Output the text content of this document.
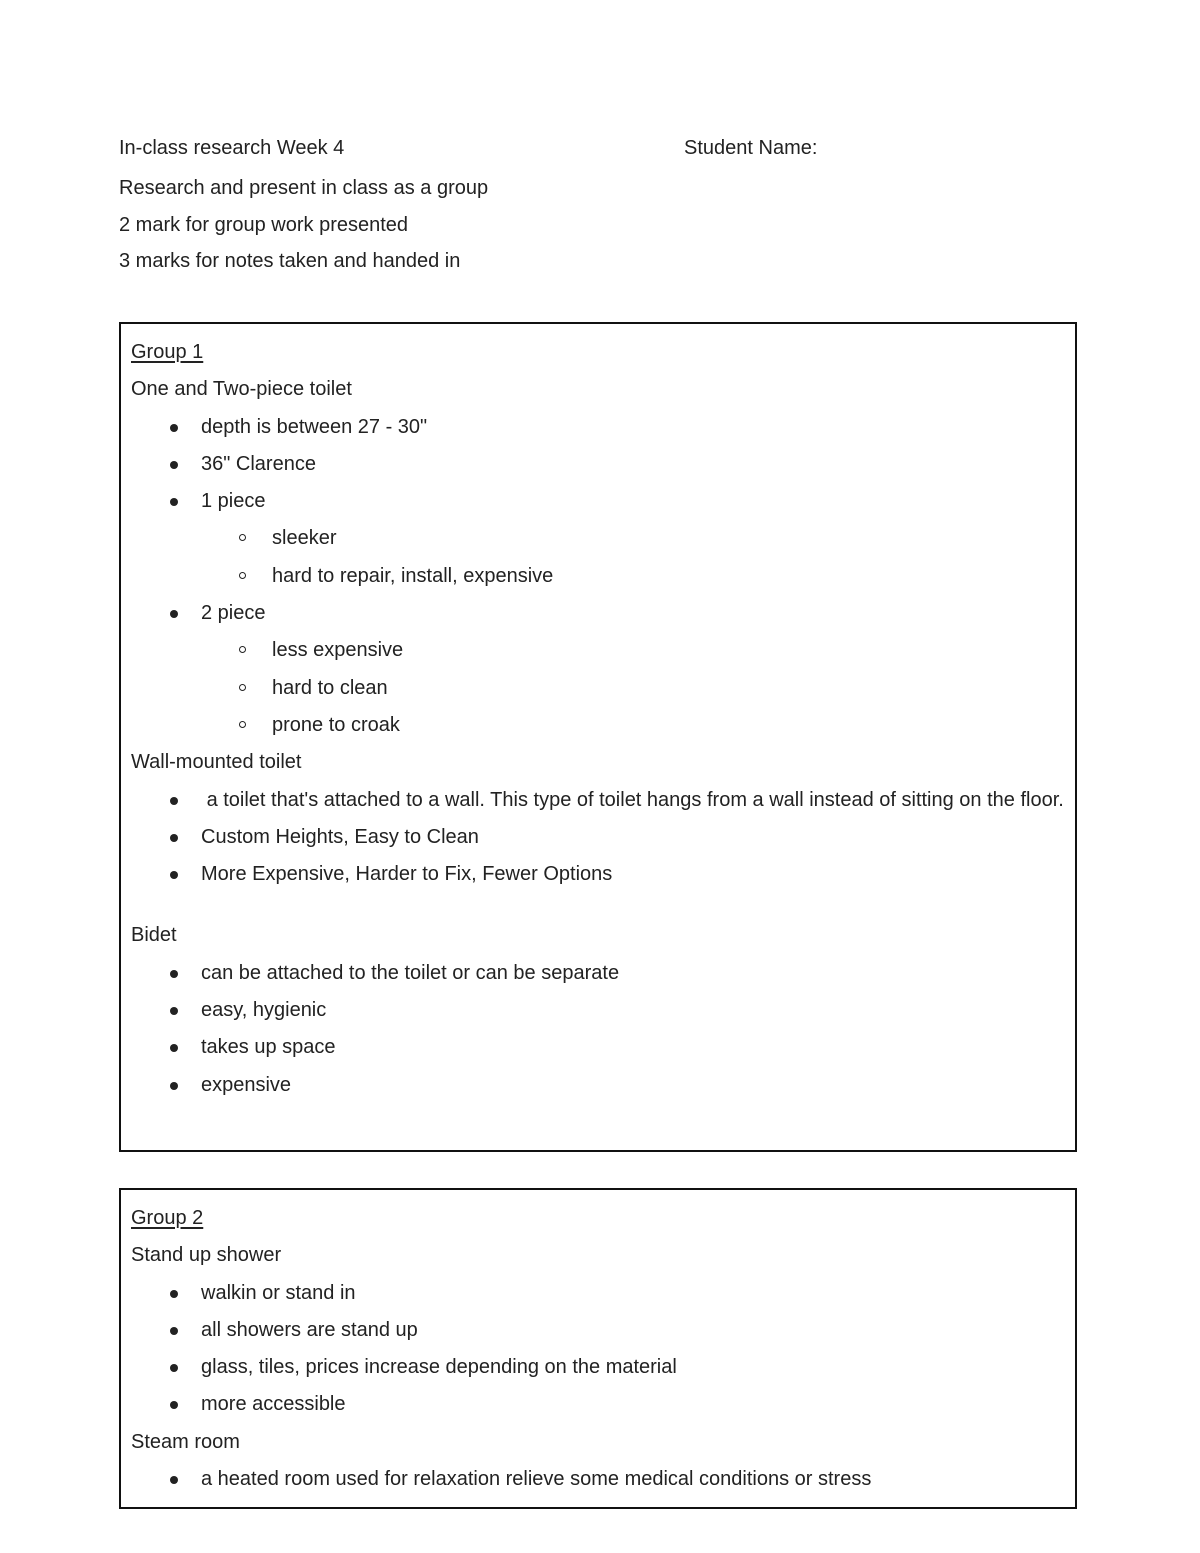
In-class research Week 4	Student Name:
Research and present in class as a group
2 mark for group work presented
3 marks for notes taken and handed in
Group 1
One and Two-piece toilet
depth is between 27 - 30"
36" Clarence
1 piece
sleeker
hard to repair, install, expensive
2 piece
less expensive
hard to clean
prone to croak
Wall-mounted toilet
a toilet that's attached to a wall. This type of toilet hangs from a wall instead of sitting on the floor.
Custom Heights, Easy to Clean
More Expensive, Harder to Fix, Fewer Options
Bidet
can be attached to the toilet or can be separate
easy, hygienic
takes up space
expensive
Group 2
Stand up shower
walkin or stand in
all showers are stand up
glass, tiles, prices increase depending on the material
more accessible
Steam room
a heated room used for relaxation relieve some medical conditions or stress
